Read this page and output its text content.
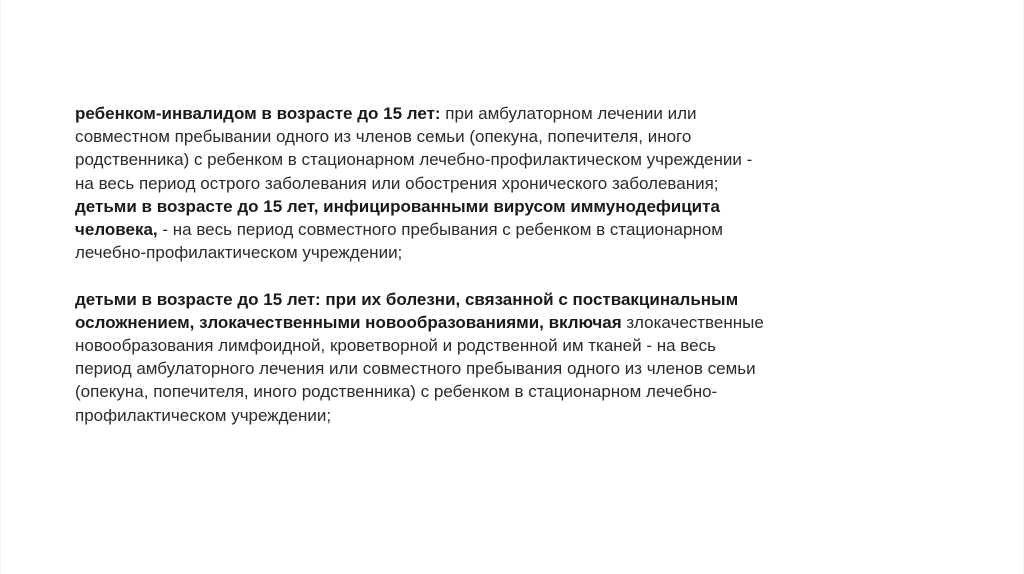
ребенком-инвалидом в возрасте до 15 лет: при амбулаторном лечении или совместном пребывании одного из членов семьи (опекуна, попечителя, иного родственника) с ребенком в стационарном лечебно-профилактическом учреждении - на весь период острого заболевания или обострения хронического заболевания;

детьми в возрасте до 15 лет, инфицированными вирусом иммунодефицита человека, - на весь период совместного пребывания с ребенком в стационарном лечебно-профилактическом учреждении;

детьми в возрасте до 15 лет: при их болезни, связанной с поствакцинальным осложнением, злокачественными новообразованиями, включая злокачественные новообразования лимфоидной, кроветворной и родственной им тканей - на весь период амбулаторного лечения или совместного пребывания одного из членов семьи (опекуна, попечителя, иного родственника) с ребенком в стационарном лечебно-профилактическом учреждении;
